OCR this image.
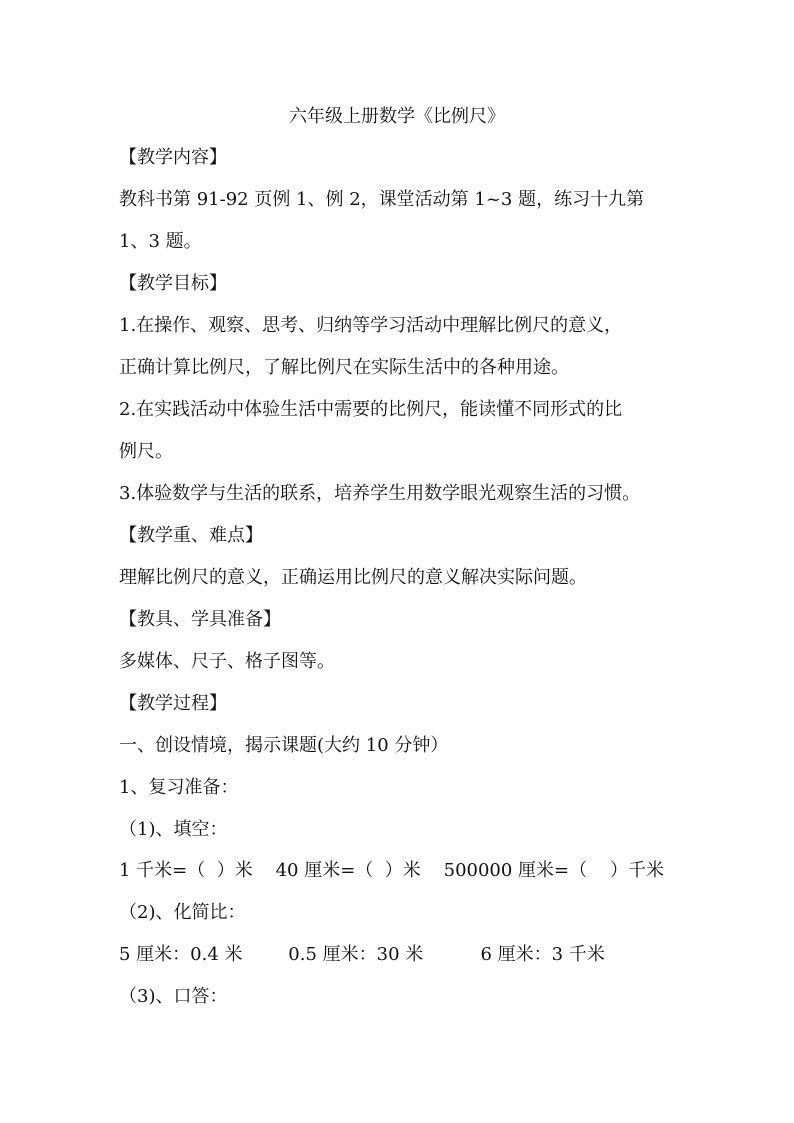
六年级上册数学《比例尺》
【教学内容】
教科书第 91-92 页例 1、例 2，课堂活动第 1~3 题，练习十九第
1、3 题。
【教学目标】
1.在操作、观察、思考、归纳等学习活动中理解比例尺的意义，
正确计算比例尺，了解比例尺在实际生活中的各种用途。
2.在实践活动中体验生活中需要的比例尺，能读懂不同形式的比
例尺。
3.体验数学与生活的联系，培养学生用数学眼光观察生活的习惯。
【教学重、难点】
理解比例尺的意义，正确运用比例尺的意义解决实际问题。
【教具、学具准备】
多媒体、尺子、格子图等。
【教学过程】
一、创设情境，揭示课题(大约 10 分钟）
1、复习准备：
（1)、填空：
1 千米=（  ）米    40 厘米=（  ）米    500000 厘米=（    ）千米
（2)、化简比：
5 厘米：0.4 米        0.5 厘米：30 米          6 厘米：3 千米
（3)、口答：
